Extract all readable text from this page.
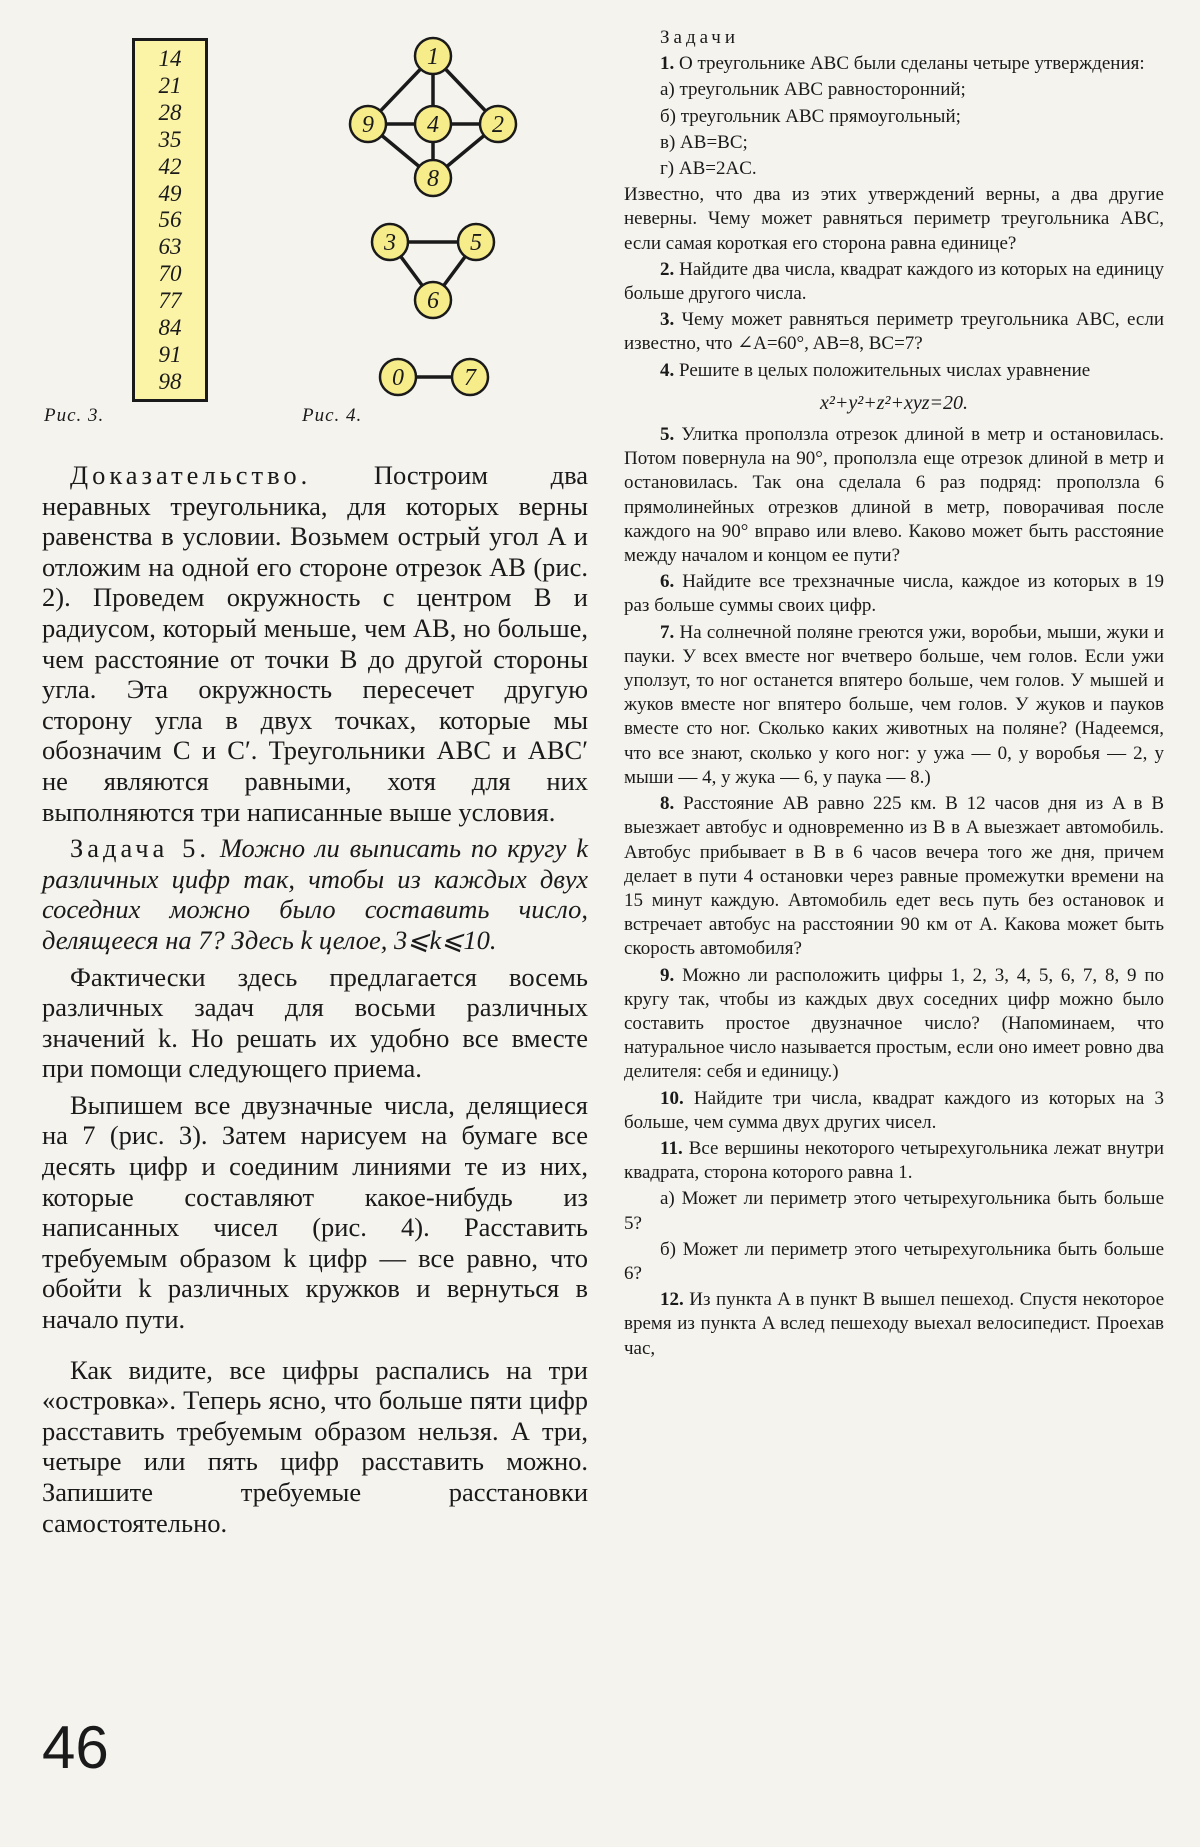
14
21
28
35
42
49
56
63
70
77
84
91
98
1
9 4 2
8
3	5
6
0	7
Рис. 3.	Рис. 4.

Доказательство. Построим два неравных треугольника, для которых верны равенства в условии. Возьмем острый угол A и отложим на одной его стороне отрезок AB (рис. 2). Проведем окружность с центром B и радиусом, который меньше, чем AB, но больше, чем расстояние от точки B до другой стороны угла. Эта окружность пересечет другую сторону угла в двух точках, которые мы обозначим C и C′. Треугольники ABC и ABC′ не являются равными, хотя для них выполняются три написанные выше условия.

Задача 5. Можно ли выписать по кругу k различных цифр так, чтобы из каждых двух соседних можно было составить число, делящееся на 7? Здесь k целое, 3⩽k⩽10.

Фактически здесь предлагается восемь различных задач для восьми различных значений k. Но решать их удобно все вместе при помощи следующего приема.

Выпишем все двузначные числа, делящиеся на 7 (рис. 3). Затем нарисуем на бумаге все десять цифр и соединим линиями те из них, которые составляют какое-нибудь из написанных чисел (рис. 4). Расставить требуемым образом k цифр — все равно, что обойти k различных кружков и вернуться в начало пути.

Как видите, все цифры распались на три «островка». Теперь ясно, что больше пяти цифр расставить требуемым образом нельзя. А три, четыре или пять цифр расставить можно. Запишите требуемые расстановки самостоятельно.

Задачи

1. О треугольнике ABC были сделаны четыре утверждения:

а) треугольник ABC равносторонний;

б) треугольник ABC прямоугольный;

в) AB=BC;

г) AB=2AC.

Известно, что два из этих утверждений верны, а два другие неверны. Чему может равняться периметр треугольника ABC, если самая короткая его сторона равна единице?

2. Найдите два числа, квадрат каждого из которых на единицу больше другого числа.

3. Чему может равняться периметр треугольника ABC, если известно, что ∠A=60°, AB=8, BC=7?

4. Решите в целых положительных числах уравнение

x²+y²+z²+xyz=20.

5. Улитка проползла отрезок длиной в метр и остановилась. Потом повернула на 90°, проползла еще отрезок длиной в метр и остановилась. Так она сделала 6 раз подряд: проползла 6 прямолинейных отрезков длиной в метр, поворачивая после каждого на 90° вправо или влево. Каково может быть расстояние между началом и концом ее пути?

6. Найдите все трехзначные числа, каждое из которых в 19 раз больше суммы своих цифр.

7. На солнечной поляне греются ужи, воробьи, мыши, жуки и пауки. У всех вместе ног вчетверо больше, чем голов. Если ужи уползут, то ног останется впятеро больше, чем голов. У мышей и жуков вместе ног впятеро больше, чем голов. У жуков и пауков вместе сто ног. Сколько каких животных на поляне? (Надеемся, что все знают, сколько у кого ног: у ужа — 0, у воробья — 2, у мыши — 4, у жука — 6, у паука — 8.)

8. Расстояние AB равно 225 км. В 12 часов дня из A в B выезжает автобус и одновременно из B в A выезжает автомобиль. Автобус прибывает в B в 6 часов вечера того же дня, причем делает в пути 4 остановки через равные промежутки времени на 15 минут каждую. Автомобиль едет весь путь без остановок и встречает автобус на расстоянии 90 км от A. Какова может быть скорость автомобиля?

9. Можно ли расположить цифры 1, 2, 3, 4, 5, 6, 7, 8, 9 по кругу так, чтобы из каждых двух соседних цифр можно было составить простое двузначное число? (Напоминаем, что натуральное число называется простым, если оно имеет ровно два делителя: себя и единицу.)

10. Найдите три числа, квадрат каждого из которых на 3 больше, чем сумма двух других чисел.

11. Все вершины некоторого четырехугольника лежат внутри квадрата, сторона которого равна 1.

а) Может ли периметр этого четырехугольника быть больше 5?

б) Может ли периметр этого четырехугольника быть больше 6?

12. Из пункта A в пункт B вышел пешеход. Спустя некоторое время из пункта A вслед пешеходу выехал велосипедист. Проехав час,

46
